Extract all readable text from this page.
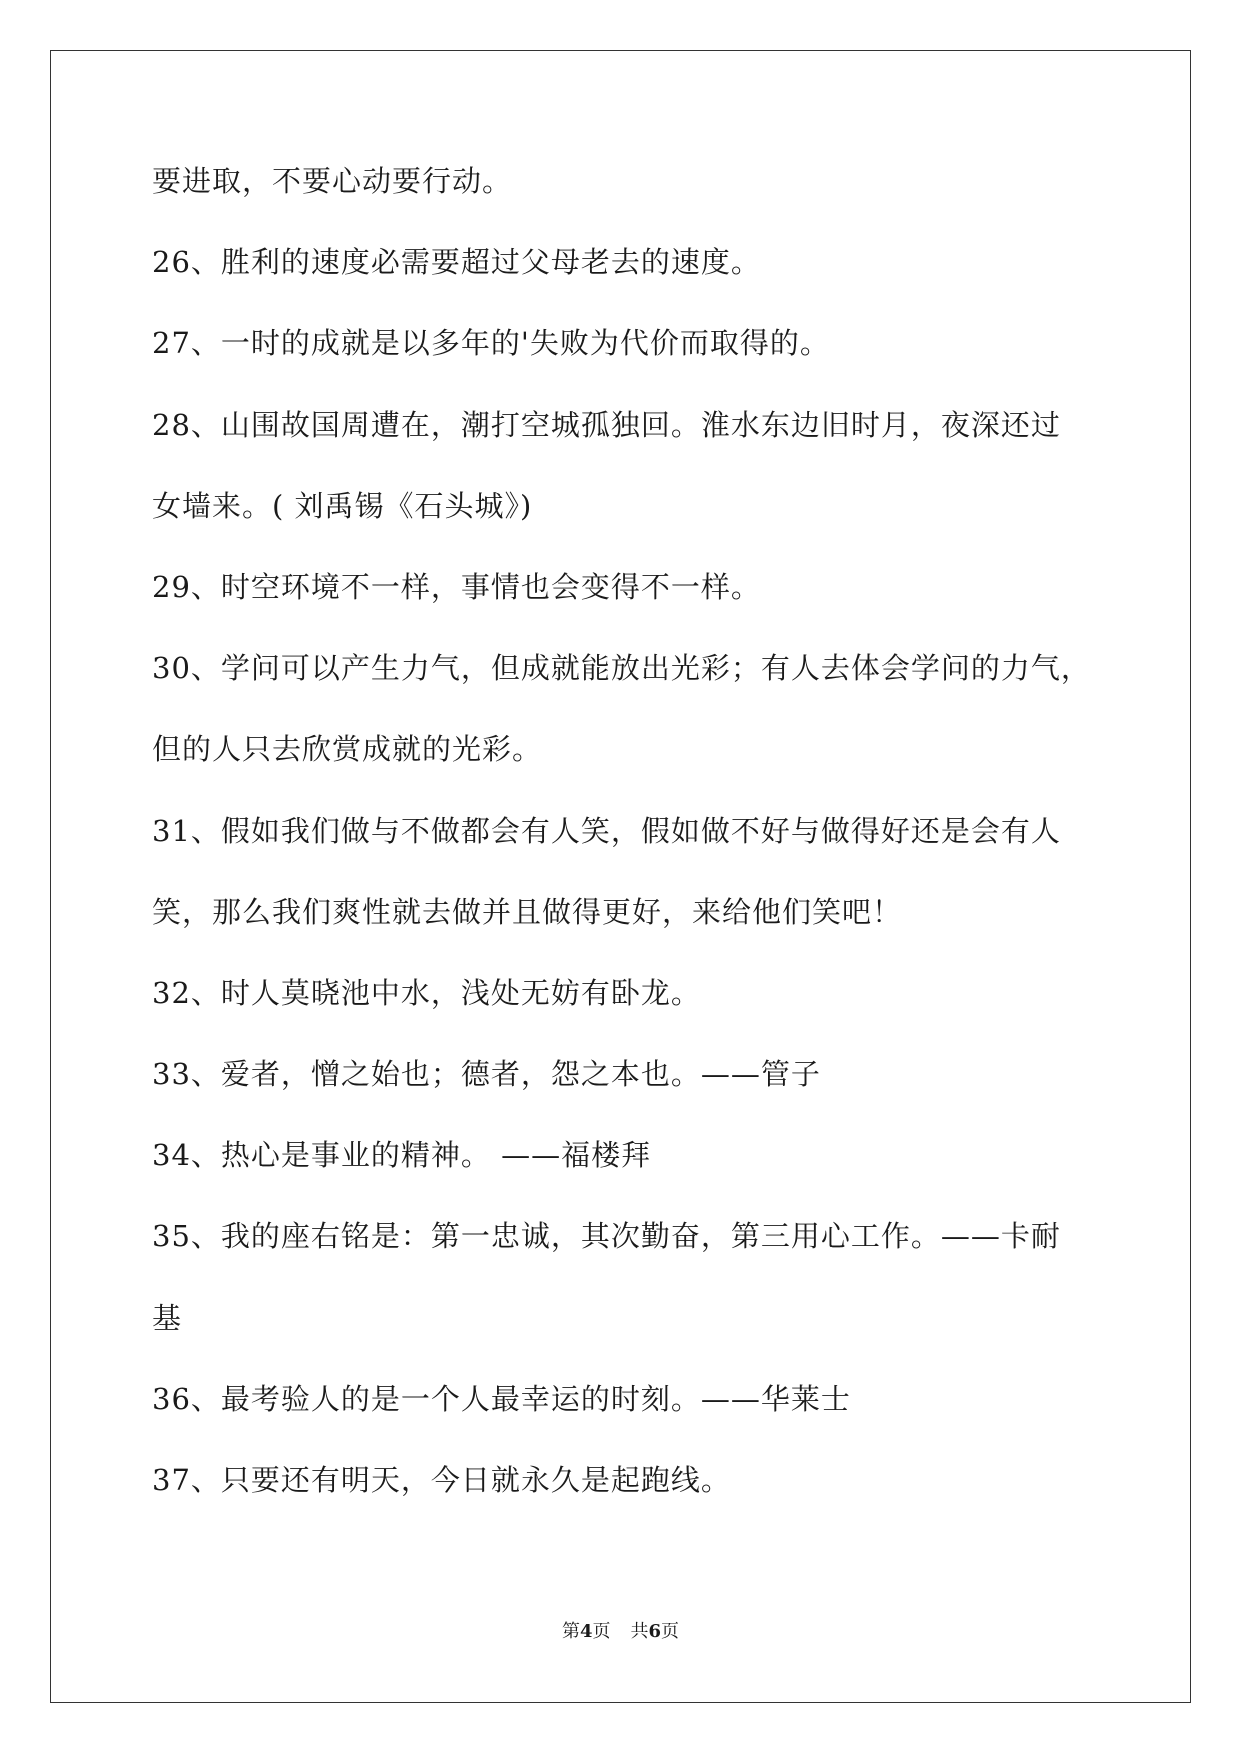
要进取，不要心动要行动。
26、胜利的速度必需要超过父母老去的速度。
27、一时的成就是以多年的'失败为代价而取得的。
28、山围故国周遭在，潮打空城孤独回。淮水东边旧时月，夜深还过
女墙来。( 刘禹锡《石头城》)
29、时空环境不一样，事情也会变得不一样。
30、学问可以产生力气，但成就能放出光彩；有人去体会学问的力气，
但的人只去欣赏成就的光彩。
31、假如我们做与不做都会有人笑，假如做不好与做得好还是会有人
笑，那么我们爽性就去做并且做得更好，来给他们笑吧！
32、时人莫晓池中水，浅处无妨有卧龙。
33、爱者，憎之始也；德者，怨之本也。——管子
34、热心是事业的精神。 ——福楼拜
35、我的座右铭是：第一忠诚，其次勤奋，第三用心工作。——卡耐
基
36、最考验人的是一个人最幸运的时刻。——华莱士
37、只要还有明天，今日就永久是起跑线。
第4页 共6页
